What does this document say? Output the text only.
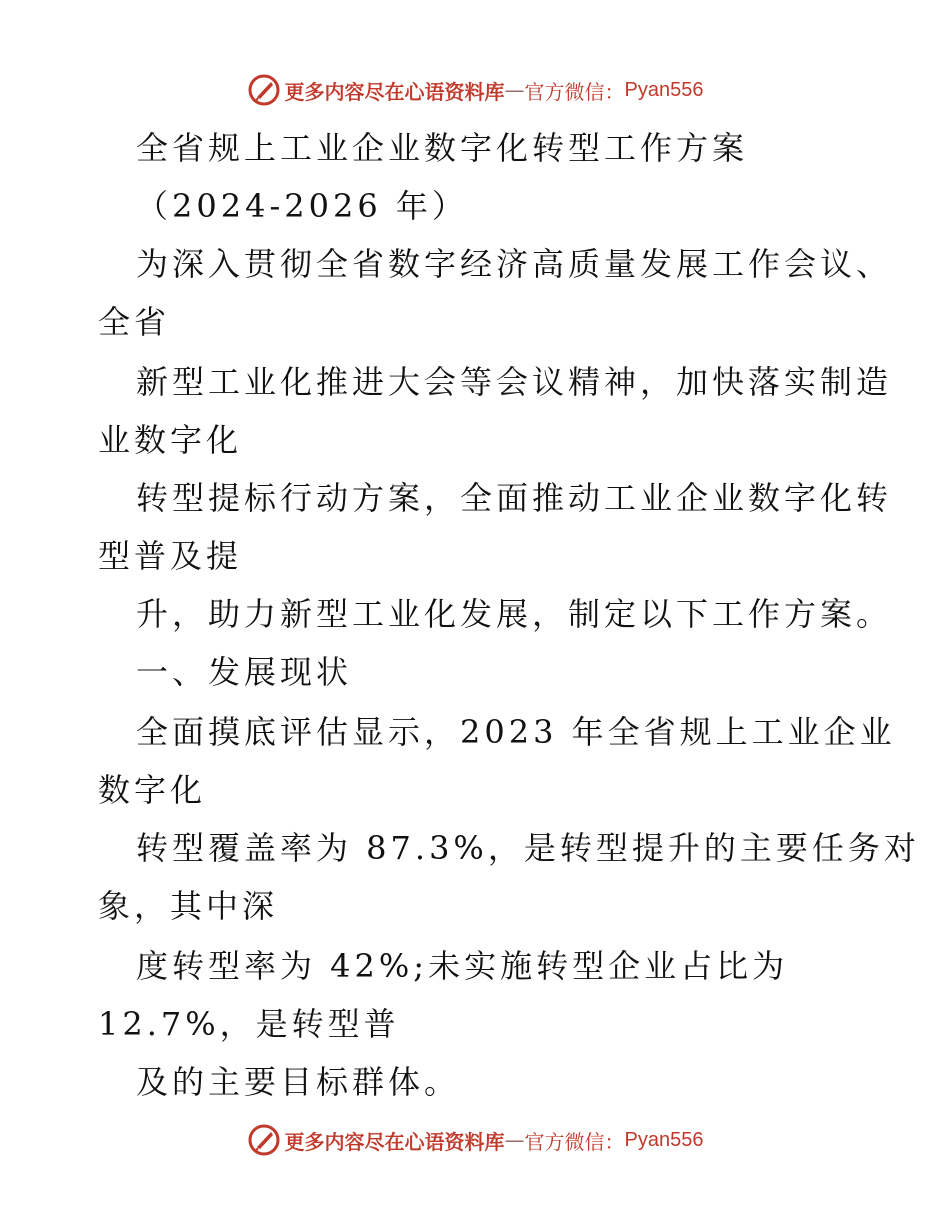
更多内容尽在心语资料库 — 官方微信： Pyan556
全省规上工业企业数字化转型工作方案
（2024-2026 年）
为深入贯彻全省数字经济高质量发展工作会议、
全省
新型工业化推进大会等会议精神，加快落实制造
业数字化
转型提标行动方案，全面推动工业企业数字化转
型普及提
升，助力新型工业化发展，制定以下工作方案。
一、发展现状
全面摸底评估显示，2023 年全省规上工业企业
数字化
转型覆盖率为 87.3%，是转型提升的主要任务对
象，其中深
度转型率为 42%;未实施转型企业占比为
12.7%，是转型普
及的主要目标群体。
更多内容尽在心语资料库 — 官方微信： Pyan556
